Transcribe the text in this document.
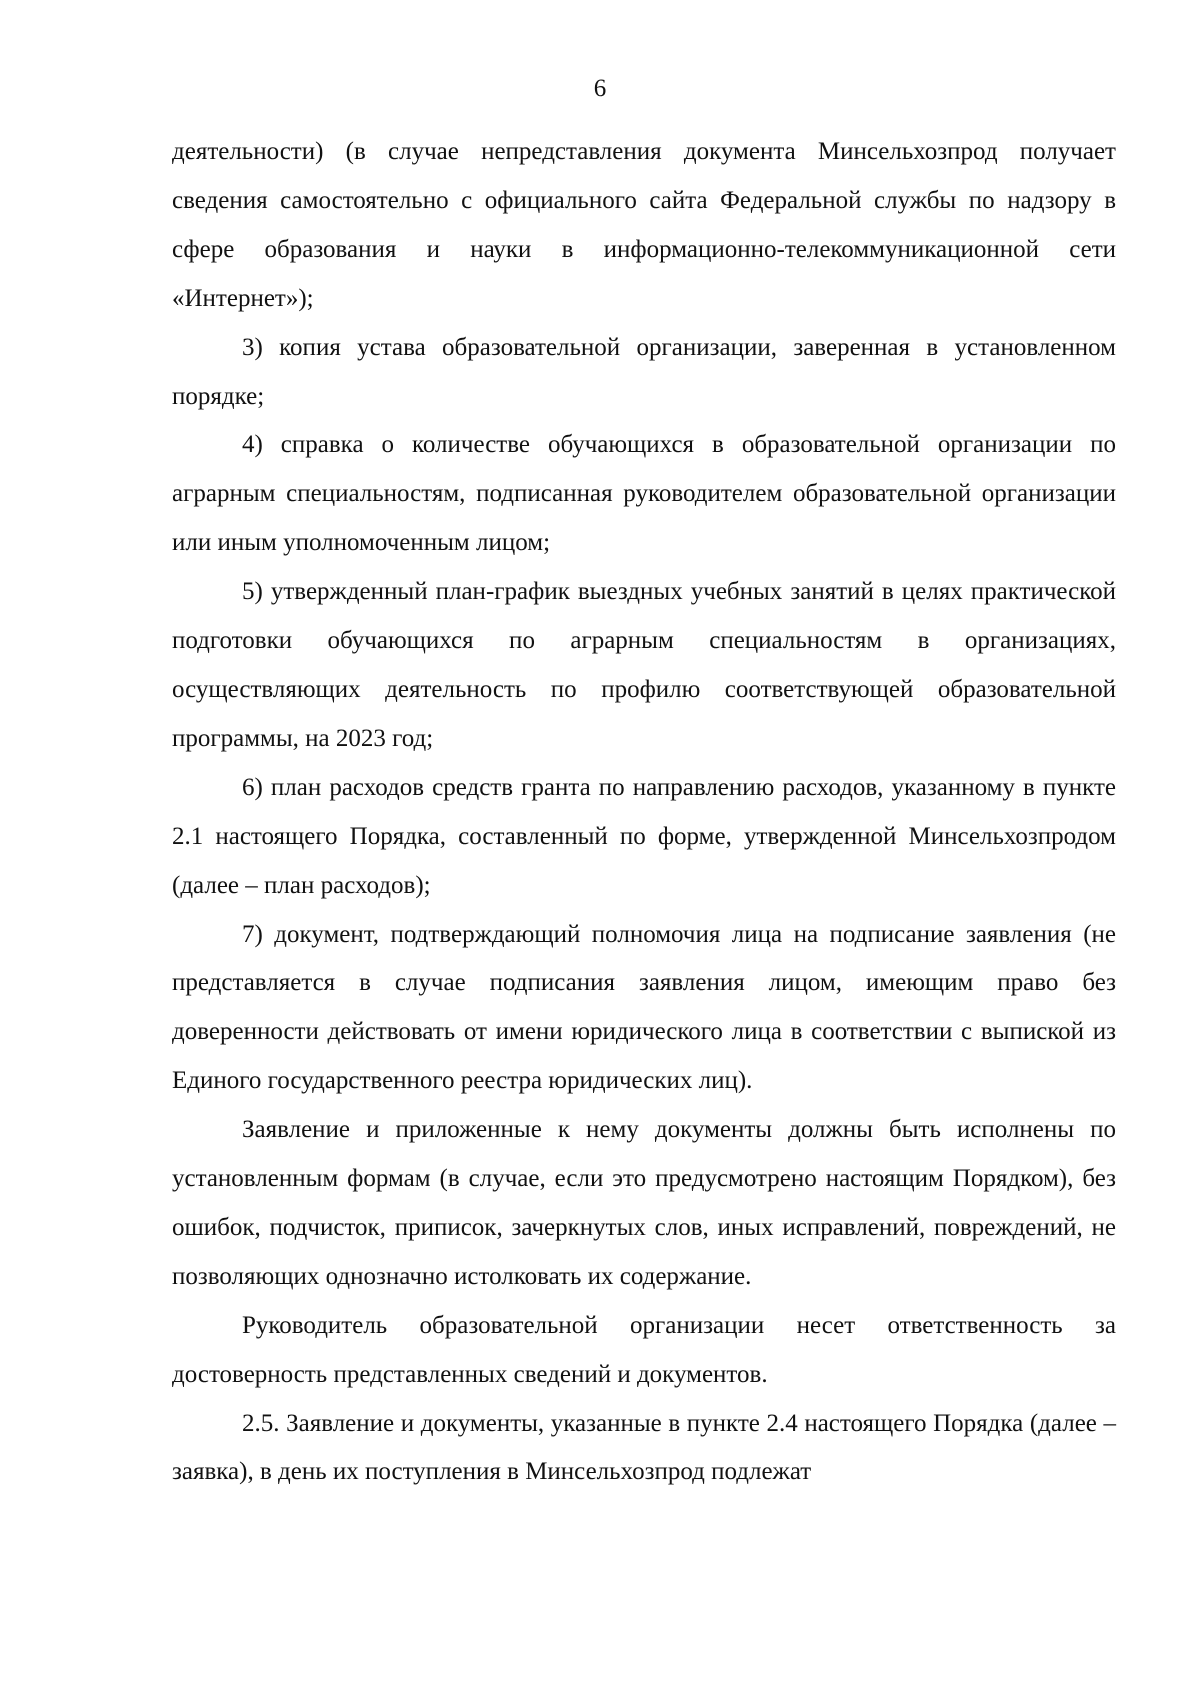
6

деятельности) (в случае непредставления документа Минсельхозпрод получает сведения самостоятельно с официального сайта Федеральной службы по надзору в сфере образования и науки в информационно-телекоммуникационной сети «Интернет»);

3) копия устава образовательной организации, заверенная в установленном порядке;

4) справка о количестве обучающихся в образовательной организации по аграрным специальностям, подписанная руководителем образовательной организации или иным уполномоченным лицом;

5) утвержденный план-график выездных учебных занятий в целях практической подготовки обучающихся по аграрным специальностям в организациях, осуществляющих деятельность по профилю соответствующей образовательной программы, на 2023 год;

6) план расходов средств гранта по направлению расходов, указанному в пункте 2.1 настоящего Порядка, составленный по форме, утвержденной Минсельхозпродом (далее – план расходов);

7) документ, подтверждающий полномочия лица на подписание заявления (не представляется в случае подписания заявления лицом, имеющим право без доверенности действовать от имени юридического лица в соответствии с выпиской из Единого государственного реестра юридических лиц).

Заявление и приложенные к нему документы должны быть исполнены по установленным формам (в случае, если это предусмотрено настоящим Порядком), без ошибок, подчисток, приписок, зачеркнутых слов, иных исправлений, повреждений, не позволяющих однозначно истолковать их содержание.

Руководитель образовательной организации несет ответственность за достоверность представленных сведений и документов.

2.5. Заявление и документы, указанные в пункте 2.4 настоящего Порядка (далее – заявка), в день их поступления в Минсельхозпрод подлежат
